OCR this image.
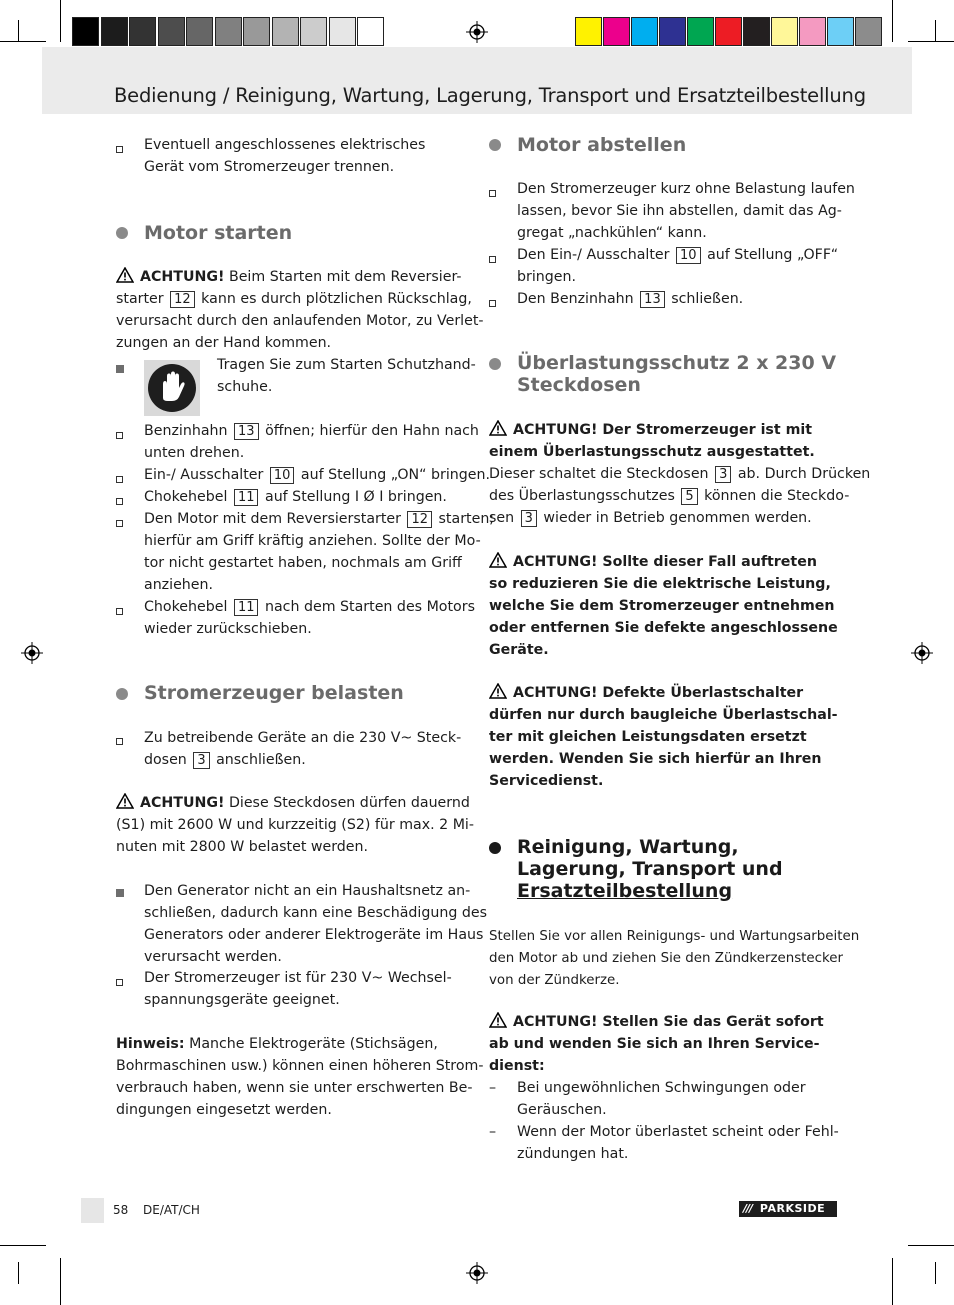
Bedienung / Reinigung, Wartung, Lagerung, Transport und Ersatzteilbestellung
Eventuell angeschlossenes elektrisches Gerät vom Stromerzeuger trennen.
Motor starten
ACHTUNG! Beim Starten mit dem Reversier-
starter 12 kann es durch plötzlichen Rückschlag,
verursacht durch den anlaufenden Motor, zu Verlet-
zungen an der Hand kommen.
Tragen Sie zum Starten Schutzhand-
schuhe.
Benzinhahn 13 öffnen; hierfür den Hahn nach
unten drehen.
Ein-/ Ausschalter 10 auf Stellung „ON“ bringen.
Chokehebel 11 auf Stellung I Ø I bringen.
Den Motor mit dem Reversierstarter 12 starten;
hierfür am Griff kräftig anziehen. Sollte der Mo-
tor nicht gestartet haben, nochmals am Griff
anziehen.
Chokehebel 11 nach dem Starten des Motors
wieder zurückschieben.
Stromerzeuger belasten
Zu betreibende Geräte an die 230 V~ Steck-
dosen 3 anschließen.
ACHTUNG! Diese Steckdosen dürfen dauernd
(S1) mit 2600 W und kurzzeitig (S2) für max. 2 Mi-
nuten mit 2800 W belastet werden.
Den Generator nicht an ein Haushaltsnetz an-
schließen, dadurch kann eine Beschädigung des
Generators oder anderer Elektrogeräte im Haus
verursacht werden.
Der Stromerzeuger ist für 230 V~ Wechsel-
spannungsgeräte geeignet.
Hinweis: Manche Elektrogeräte (Stichsägen,
Bohrmaschinen usw.) können einen höheren Strom-
verbrauch haben, wenn sie unter erschwerten Be-
dingungen eingesetzt werden.
Motor abstellen
Den Stromerzeuger kurz ohne Belastung laufen
lassen, bevor Sie ihn abstellen, damit das Ag-
gregat „nachkühlen“ kann.
Den Ein-/ Ausschalter 10 auf Stellung „OFF“
bringen.
Den Benzinhahn 13 schließen.
Überlastungsschutz 2 x 230 V
Steckdosen
ACHTUNG! Der Stromerzeuger ist mit
einem Überlastungsschutz ausgestattet.
Dieser schaltet die Steckdosen 3 ab. Durch Drücken
des Überlastungsschutzes 5 können die Steckdo-
sen 3 wieder in Betrieb genommen werden.
ACHTUNG! Sollte dieser Fall auftreten
so reduzieren Sie die elektrische Leistung,
welche Sie dem Stromerzeuger entnehmen
oder entfernen Sie defekte angeschlossene
Geräte.
ACHTUNG! Defekte Überlastschalter
dürfen nur durch baugleiche Überlastschal-
ter mit gleichen Leistungsdaten ersetzt
werden. Wenden Sie sich hierfür an Ihren
Servicedienst.
Reinigung, Wartung,
Lagerung, Transport und
Ersatzteilbestellung
Stellen Sie vor allen Reinigungs- und Wartungsarbeiten
den Motor ab und ziehen Sie den Zündkerzenstecker
von der Zündkerze.
ACHTUNG! Stellen Sie das Gerät sofort
ab und wenden Sie sich an Ihren Service-
dienst:
– Bei ungewöhnlichen Schwingungen oder
Geräuschen.
– Wenn der Motor überlastet scheint oder Fehl-
zündungen hat.
58 DE/AT/CH	/// PARKSIDE
